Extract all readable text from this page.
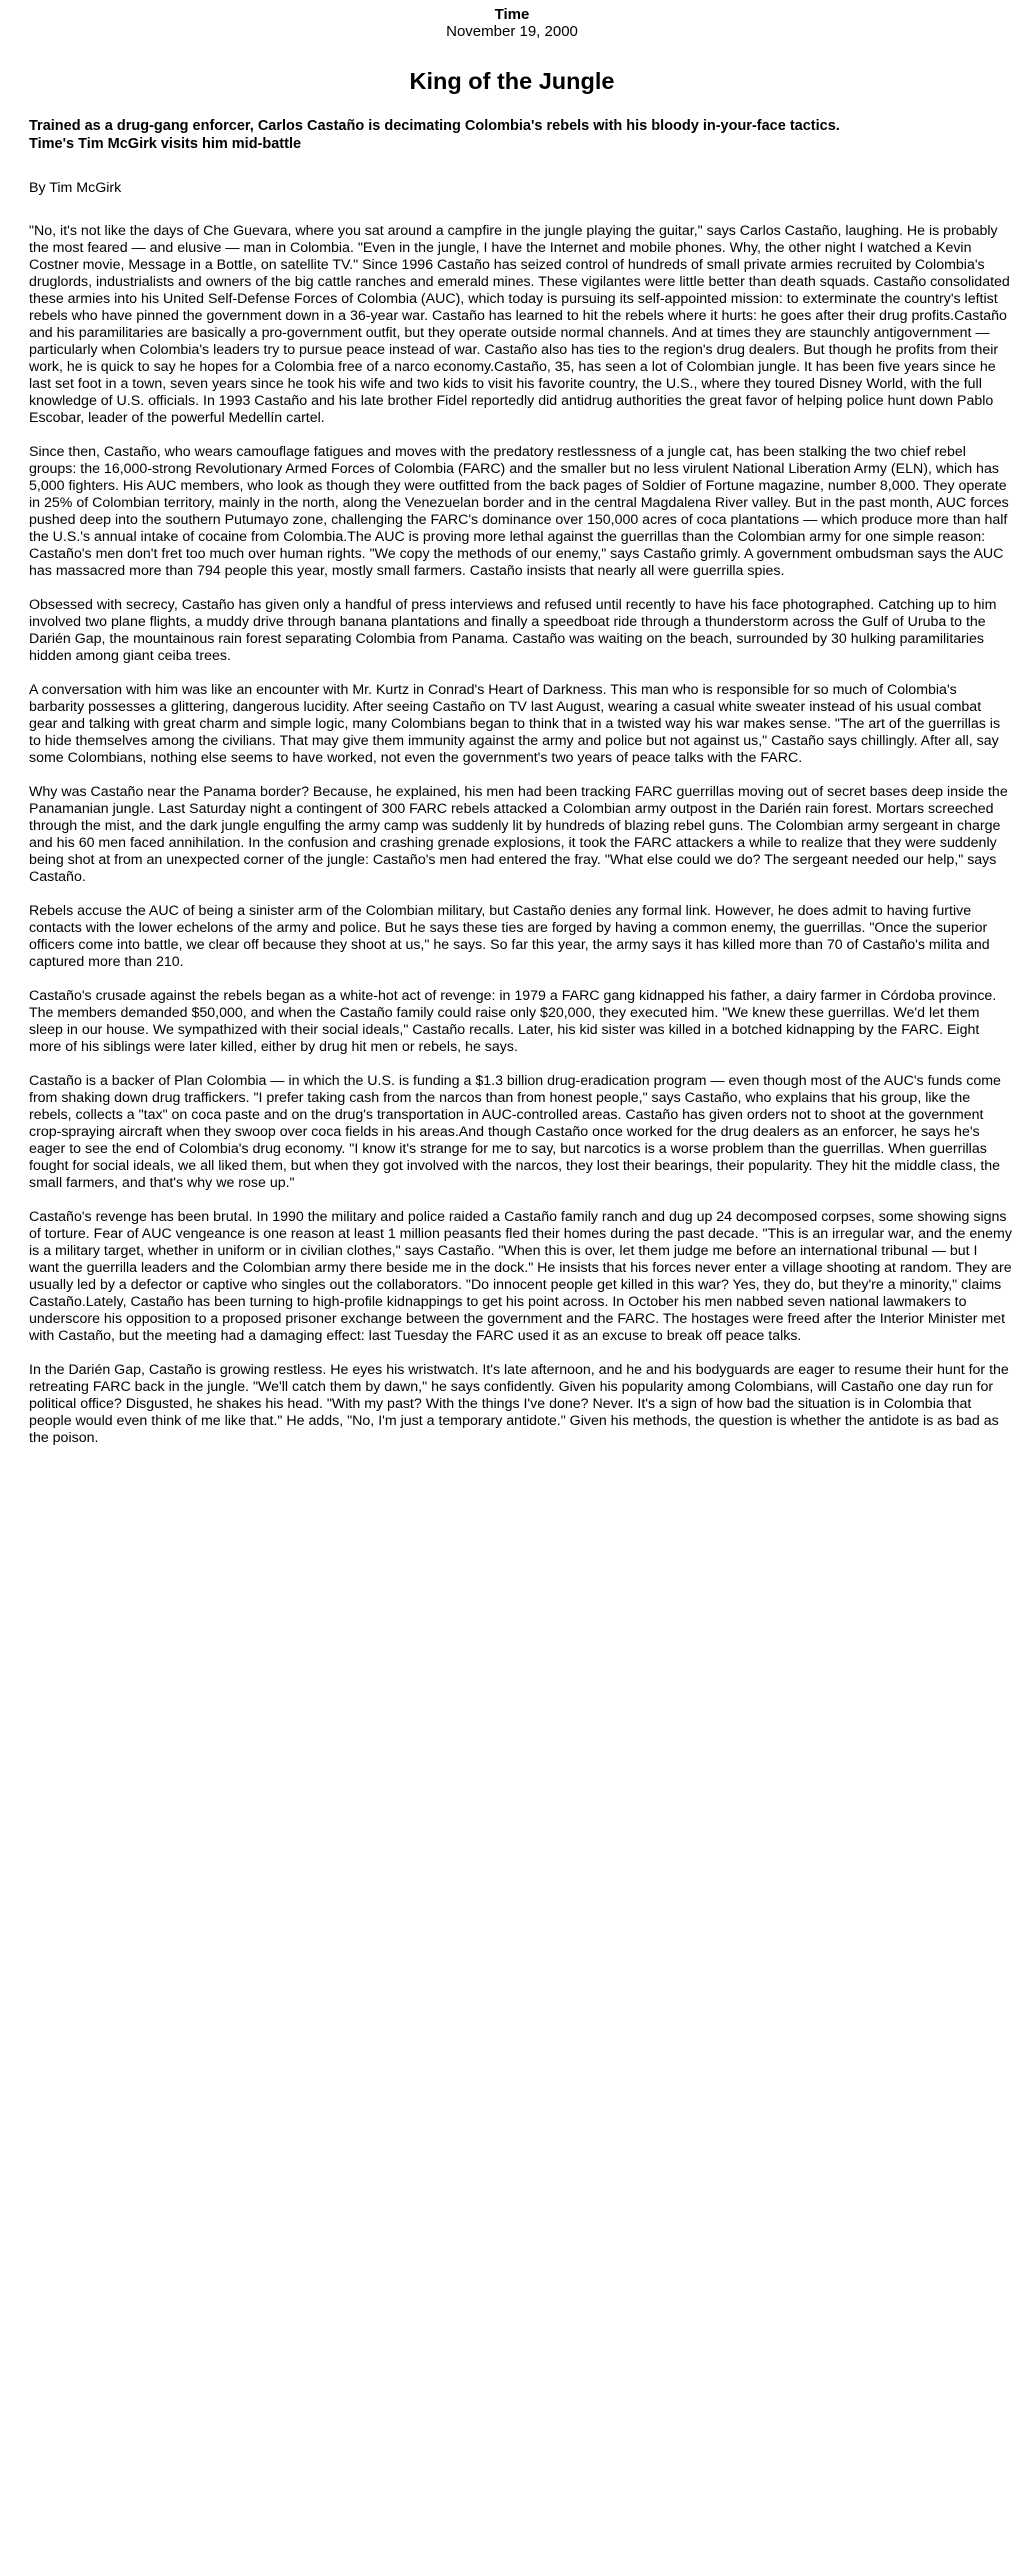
Time
November 19, 2000
King of the Jungle
Trained as a drug-gang enforcer, Carlos Castaño is decimating Colombia's rebels with his bloody in-your-face tactics.
Time's Tim McGirk visits him mid-battle
By Tim McGirk
"No, it's not like the days of Che Guevara, where you sat around a campfire in the jungle playing the guitar," says Carlos Castaño, laughing. He is probably
the most feared — and elusive — man in Colombia. "Even in the jungle, I have the Internet and mobile phones. Why, the other night I watched a Kevin
Costner movie, Message in a Bottle, on satellite TV." Since 1996 Castaño has seized control of hundreds of small private armies recruited by Colombia's
druglords, industrialists and owners of the big cattle ranches and emerald mines. These vigilantes were little better than death squads. Castaño consolidated
these armies into his United Self-Defense Forces of Colombia (AUC), which today is pursuing its self-appointed mission: to exterminate the country's leftist
rebels who have pinned the government down in a 36-year war. Castaño has learned to hit the rebels where it hurts: he goes after their drug profits.Castaño
and his paramilitaries are basically a pro-government outfit, but they operate outside normal channels. And at times they are staunchly antigovernment —
particularly when Colombia's leaders try to pursue peace instead of war. Castaño also has ties to the region's drug dealers. But though he profits from their
work, he is quick to say he hopes for a Colombia free of a narco economy.Castaño, 35, has seen a lot of Colombian jungle. It has been five years since he
last set foot in a town, seven years since he took his wife and two kids to visit his favorite country, the U.S., where they toured Disney World, with the full
knowledge of U.S. officials. In 1993 Castaño and his late brother Fidel reportedly did antidrug authorities the great favor of helping police hunt down Pablo
Escobar, leader of the powerful Medellín cartel.
Since then, Castaño, who wears camouflage fatigues and moves with the predatory restlessness of a jungle cat, has been stalking the two chief rebel
groups: the 16,000-strong Revolutionary Armed Forces of Colombia (FARC) and the smaller but no less virulent National Liberation Army (ELN), which has
5,000 fighters. His AUC members, who look as though they were outfitted from the back pages of Soldier of Fortune magazine, number 8,000. They operate
in 25% of Colombian territory, mainly in the north, along the Venezuelan border and in the central Magdalena River valley. But in the past month, AUC forces
pushed deep into the southern Putumayo zone, challenging the FARC's dominance over 150,000 acres of coca plantations — which produce more than half
the U.S.'s annual intake of cocaine from Colombia.The AUC is proving more lethal against the guerrillas than the Colombian army for one simple reason:
Castaño's men don't fret too much over human rights. "We copy the methods of our enemy," says Castaño grimly. A government ombudsman says the AUC
has massacred more than 794 people this year, mostly small farmers. Castaño insists that nearly all were guerrilla spies.
Obsessed with secrecy, Castaño has given only a handful of press interviews and refused until recently to have his face photographed. Catching up to him
involved two plane flights, a muddy drive through banana plantations and finally a speedboat ride through a thunderstorm across the Gulf of Uruba to the
Darién Gap, the mountainous rain forest separating Colombia from Panama. Castaño was waiting on the beach, surrounded by 30 hulking paramilitaries
hidden among giant ceiba trees.
A conversation with him was like an encounter with Mr. Kurtz in Conrad's Heart of Darkness. This man who is responsible for so much of Colombia's
barbarity possesses a glittering, dangerous lucidity. After seeing Castaño on TV last August, wearing a casual white sweater instead of his usual combat
gear and talking with great charm and simple logic, many Colombians began to think that in a twisted way his war makes sense. "The art of the guerrillas is
to hide themselves among the civilians. That may give them immunity against the army and police but not against us," Castaño says chillingly. After all, say
some Colombians, nothing else seems to have worked, not even the government's two years of peace talks with the FARC.
Why was Castaño near the Panama border? Because, he explained, his men had been tracking FARC guerrillas moving out of secret bases deep inside the
Panamanian jungle. Last Saturday night a contingent of 300 FARC rebels attacked a Colombian army outpost in the Darién rain forest. Mortars screeched
through the mist, and the dark jungle engulfing the army camp was suddenly lit by hundreds of blazing rebel guns. The Colombian army sergeant in charge
and his 60 men faced annihilation. In the confusion and crashing grenade explosions, it took the FARC attackers a while to realize that they were suddenly
being shot at from an unexpected corner of the jungle: Castaño's men had entered the fray. "What else could we do? The sergeant needed our help," says
Castaño.
Rebels accuse the AUC of being a sinister arm of the Colombian military, but Castaño denies any formal link. However, he does admit to having furtive
contacts with the lower echelons of the army and police. But he says these ties are forged by having a common enemy, the guerrillas. "Once the superior
officers come into battle, we clear off because they shoot at us," he says. So far this year, the army says it has killed more than 70 of Castaño's milita and
captured more than 210.
Castaño's crusade against the rebels began as a white-hot act of revenge: in 1979 a FARC gang kidnapped his father, a dairy farmer in Córdoba province.
The members demanded $50,000, and when the Castaño family could raise only $20,000, they executed him. "We knew these guerrillas. We'd let them
sleep in our house. We sympathized with their social ideals," Castaño recalls. Later, his kid sister was killed in a botched kidnapping by the FARC. Eight
more of his siblings were later killed, either by drug hit men or rebels, he says.
Castaño is a backer of Plan Colombia — in which the U.S. is funding a $1.3 billion drug-eradication program — even though most of the AUC's funds come
from shaking down drug traffickers. "I prefer taking cash from the narcos than from honest people," says Castaño, who explains that his group, like the
rebels, collects a "tax" on coca paste and on the drug's transportation in AUC-controlled areas. Castaño has given orders not to shoot at the government
crop-spraying aircraft when they swoop over coca fields in his areas.And though Castaño once worked for the drug dealers as an enforcer, he says he's
eager to see the end of Colombia's drug economy. "I know it's strange for me to say, but narcotics is a worse problem than the guerrillas. When guerrillas
fought for social ideals, we all liked them, but when they got involved with the narcos, they lost their bearings, their popularity. They hit the middle class, the
small farmers, and that's why we rose up."
Castaño's revenge has been brutal. In 1990 the military and police raided a Castaño family ranch and dug up 24 decomposed corpses, some showing signs
of torture. Fear of AUC vengeance is one reason at least 1 million peasants fled their homes during the past decade. "This is an irregular war, and the enemy
is a military target, whether in uniform or in civilian clothes," says Castaño. "When this is over, let them judge me before an international tribunal — but I
want the guerrilla leaders and the Colombian army there beside me in the dock." He insists that his forces never enter a village shooting at random. They are
usually led by a defector or captive who singles out the collaborators. "Do innocent people get killed in this war? Yes, they do, but they're a minority," claims
Castaño.Lately, Castaño has been turning to high-profile kidnappings to get his point across. In October his men nabbed seven national lawmakers to
underscore his opposition to a proposed prisoner exchange between the government and the FARC. The hostages were freed after the Interior Minister met
with Castaño, but the meeting had a damaging effect: last Tuesday the FARC used it as an excuse to break off peace talks.
In the Darién Gap, Castaño is growing restless. He eyes his wristwatch. It's late afternoon, and he and his bodyguards are eager to resume their hunt for the
retreating FARC back in the jungle. "We'll catch them by dawn," he says confidently. Given his popularity among Colombians, will Castaño one day run for
political office? Disgusted, he shakes his head. "With my past? With the things I've done? Never. It's a sign of how bad the situation is in Colombia that
people would even think of me like that." He adds, "No, I'm just a temporary antidote." Given his methods, the question is whether the antidote is as bad as
the poison.
